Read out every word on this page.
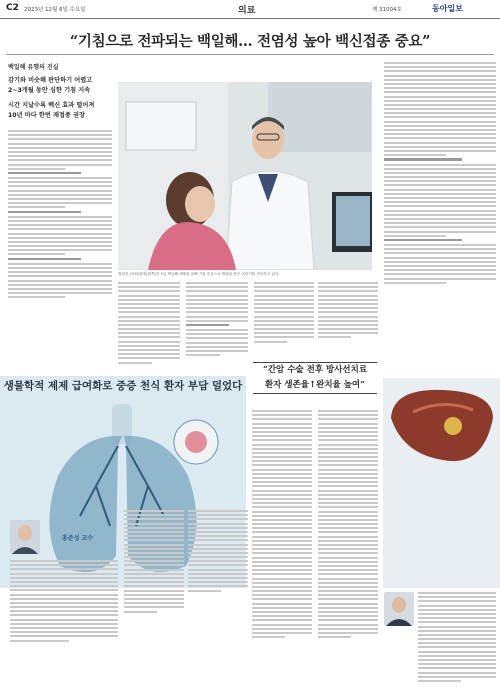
C2 2023년 12월 6일 수요일	의료	제 31004호	동아일보
“기침으로 전파되는 백일해… 전염성 높아 백신접종 중요”
백일해 유행의 진실
감기와 비슷해 판단하기 어렵고
2~3개월 동안 심한 기침 지속
시간 지날수록 백신 효과 떨어져
10년 마다 한번 재접종 권장
정희진 (의원)원장(왼쪽)이 5일 백일해 예방을 위해 기침 증상으로 병원을 찾은 어린이를 진료하고 있다.
“간암 수술 전후 방사선치료
환자 생존율↑완치율 높여”
생물학적 제제 급여화로 중증 천식 환자 부담 덜었다
홍준성 교수
